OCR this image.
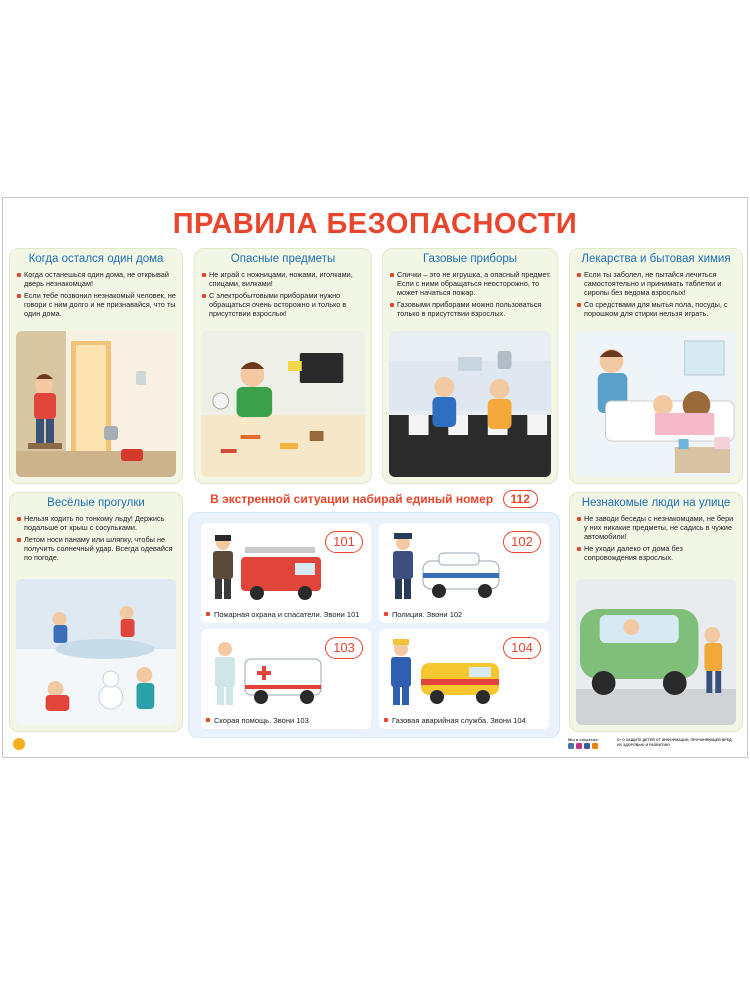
ПРАВИЛА БЕЗОПАСНОСТИ
Когда остался один дома
Когда останешься один дома, не открывай дверь незнакомцам!
Если тебе позвонил незнакомый человек, не говори с ним долго и не признавайся, что ты один дома.
Опасные предметы
Не играй с ножницами, ножами, иголками, спицами, вилками!
С электробытовыми приборами нужно обращаться очень осторожно и только в присутствии взрослых!
Газовые приборы
Спички – это не игрушка, а опасный предмет. Если с ними обращаться неосторожно, то может начаться пожар.
Газовыми приборами можно пользоваться только в присутствии взрослых.
Лекарства и бытовая химия
Если ты заболел, не пытайся лечиться самостоятельно и принимать таблетки и сиропы без ведома взрослых!
Со средствами для мытья пола, посуды, с порошком для стирки нельзя играть.
Весёлые прогулки
Нельзя ходить по тонкому льду! Держись подальше от крыш с сосульками.
Летом носи панаму или шляпку, чтобы не получить солнечный удар. Всегда одевайся по погоде.
В экстренной ситуации набирай единый номер 112
101
Пожарная охрана и спасатели. Звони 101
102
Полиция. Звони 102
103
Скорая помощь. Звони 103
104
Газовая аварийная служба. Звони 104
Незнакомые люди на улице
Не заводи беседы с незнакомцами, не бери у них никакие предметы, не садись в чужие автомобили!
Не уходи далеко от дома без сопровождения взрослых.
Мы в соцсетях:
	6+ О ЗАЩИТЕ ДЕТЕЙ ОТ ИНФОРМАЦИИ, ПРИЧИНЯЮЩЕЙ ВРЕД ИХ ЗДОРОВЬЮ И РАЗВИТИЮ
